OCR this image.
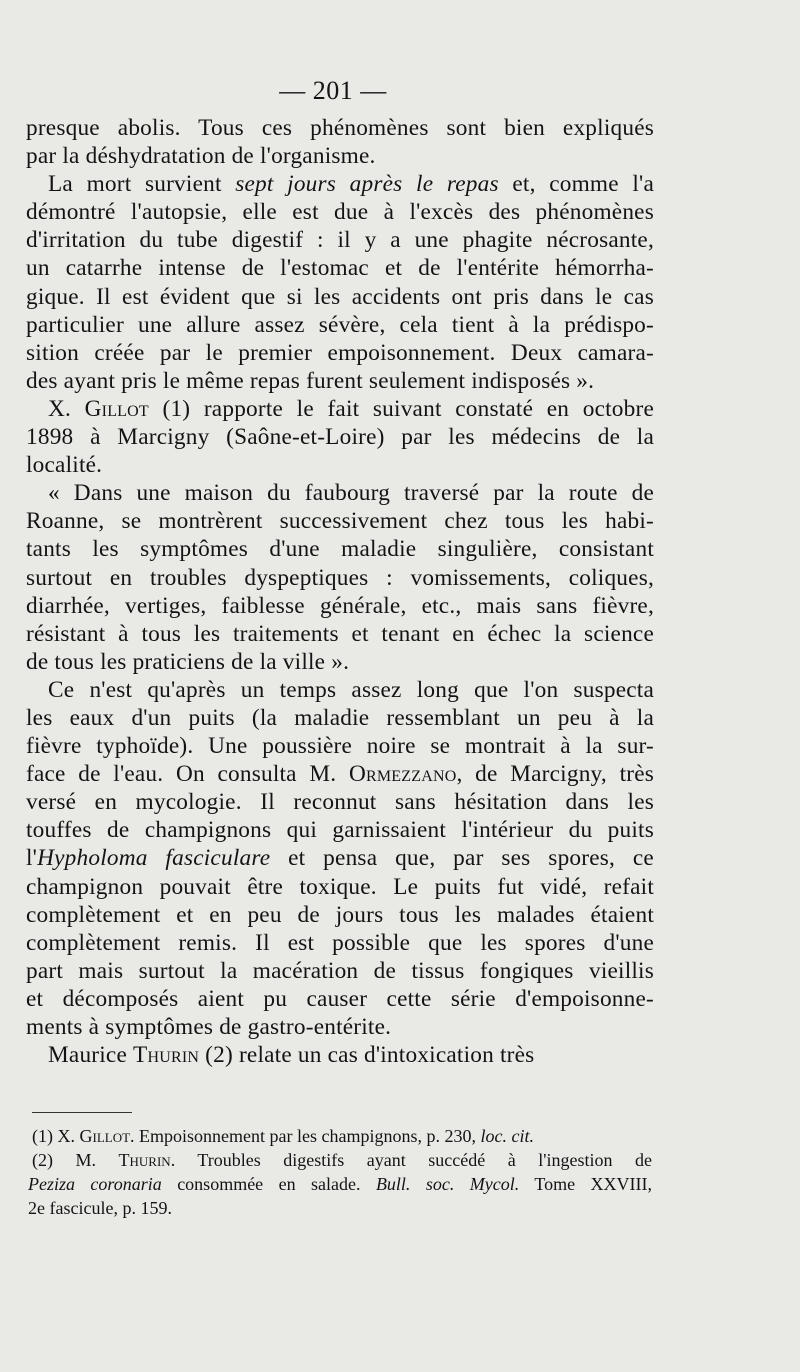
— 201 —

presque abolis. Tous ces phénomènes sont bien expliqués

par la déshydratation de l'organisme.

La mort survient sept jours après le repas et, comme l'a

démontré l'autopsie, elle est due à l'excès des phénomènes

d'irritation du tube digestif : il y a une phagite nécrosante,

un catarrhe intense de l'estomac et de l'entérite hémorrha-

gique. Il est évident que si les accidents ont pris dans le cas

particulier une allure assez sévère, cela tient à la prédispo-

sition créée par le premier empoisonnement. Deux camara-

des ayant pris le même repas furent seulement indisposés ».

X. Gillot (1) rapporte le fait suivant constaté en octobre

1898 à Marcigny (Saône-et-Loire) par les médecins de la

localité.

« Dans une maison du faubourg traversé par la route de

Roanne, se montrèrent successivement chez tous les habi-

tants les symptômes d'une maladie singulière, consistant

surtout en troubles dyspeptiques : vomissements, coliques,

diarrhée, vertiges, faiblesse générale, etc., mais sans fièvre,

résistant à tous les traitements et tenant en échec la science

de tous les praticiens de la ville ».

Ce n'est qu'après un temps assez long que l'on suspecta

les eaux d'un puits (la maladie ressemblant un peu à la

fièvre typhoïde). Une poussière noire se montrait à la sur-

face de l'eau. On consulta M. Ormezzano, de Marcigny, très

versé en mycologie. Il reconnut sans hésitation dans les

touffes de champignons qui garnissaient l'intérieur du puits

l'Hypholoma fasciculare et pensa que, par ses spores, ce

champignon pouvait être toxique. Le puits fut vidé, refait

complètement et en peu de jours tous les malades étaient

complètement remis. Il est possible que les spores d'une

part mais surtout la macération de tissus fongiques vieillis

et décomposés aient pu causer cette série d'empoisonne-

ments à symptômes de gastro-entérite.

Maurice Thurin (2) relate un cas d'intoxication très

(1) X. Gillot. Empoisonnement par les champignons, p. 230, loc. cit.

(2) M. Thurin. Troubles digestifs ayant succédé à l'ingestion de

Peziza coronaria consommée en salade. Bull. soc. Mycol. Tome XXVIII,

2e fascicule, p. 159.
